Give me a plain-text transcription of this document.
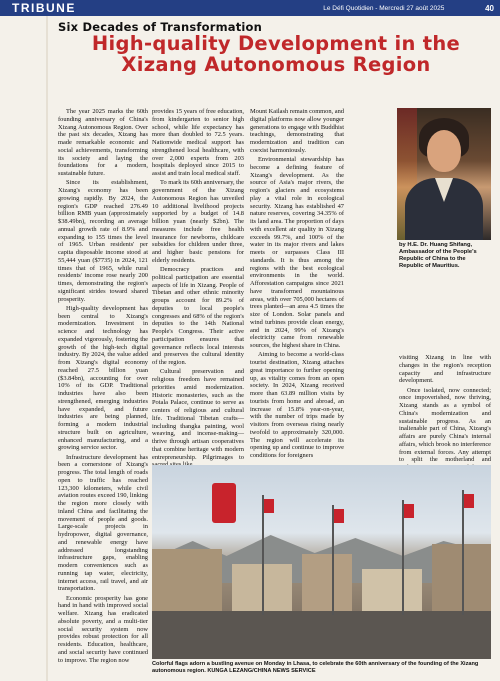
TRIBUNE	Le Défi Quotidien - Mercredi 27 août 2025	40
Six Decades of Transformation
High-quality Development in the Xizang Autonomous Region

The year 2025 marks the 60th founding anniversary of China's Xizang Autonomous Region. Over the past six decades, Xizang has made remarkable economic and social achievements, transforming its society and laying the foundations for a modern, sustainable future.

Since its establishment, Xizang's economy has been growing rapidly. By 2024, the region's GDP reached 276.49 billion RMB yuan (approximately $38.49bn), recording an average annual growth rate of 8.9% and expanding to 155 times the level of 1965. Urban residents' per capita disposable income stood at 55,444 yuan ($7735) in 2024, 121 times that of 1965, while rural residents' income rose nearly 200 times, demonstrating the region's significant strides toward shared prosperity.

High-quality development has been central to Xizang's modernization. Investment in science and technology has expanded vigorously, fostering the growth of the high-tech digital industry. By 2024, the value added from Xizang's digital economy reached 27.5 billion yuan ($3.84bn), accounting for over 10% of its GDP. Traditional industries have also been strengthened, emerging industries have expanded, and future industries are being planned, forming a modern industrial structure built on agriculture, enhanced manufacturing, and a growing service sector.

Infrastructure development has been a cornerstone of Xizang's progress. The total length of roads open to traffic has reached 123,300 kilometers, while civil aviation routes exceed 190, linking the region more closely with inland China and facilitating the movement of people and goods. Large-scale projects in hydropower, digital governance, and renewable energy have addressed longstanding infrastructure gaps, enabling modern conveniences such as running tap water, electricity, internet access, rail travel, and air transportation.

Economic prosperity has gone hand in hand with improved social welfare. Xizang has eradicated absolute poverty, and a multi-tier social security system now provides robust protection for all residents. Education, healthcare, and social security have continued to improve. The region now

provides 15 years of free education, from kindergarten to senior high school, while life expectancy has more than doubled to 72.5 years. Nationwide medical support has strengthened local healthcare, with over 2,000 experts from 203 hospitals deployed since 2015 to assist and train local medical staff.

To mark its 60th anniversary, the government of the Xizang Autonomous Region has unveiled 10 additional livelihood projects supported by a budget of 14.8 billion yuan (nearly $2bn). The measures include free health insurance for newborns, childcare subsidies for children under three, and higher basic pensions for elderly residents.

Democracy practices and political participation are essential aspects of life in Xizang. People of Tibetan and other ethnic minority groups account for 89.2% of deputies to local people's congresses and 68% of the region's deputies to the 14th National People's Congress. Their active participation ensures that governance reflects local interests and preserves the cultural identity of the region.

Cultural preservation and religious freedom have remained priorities amid modernization. Historic monasteries, such as the Potala Palace, continue to serve as centers of religious and cultural life. Traditional Tibetan crafts—including thangka painting, wool weaving, and incense-making—thrive through artisan cooperatives that combine heritage with modern entrepreneurship. Pilgrimages to

Mount Kailash remain common, and digital platforms now allow younger generations to engage with Buddhist teachings, demonstrating that modernization and tradition can coexist harmoniously.

Environmental stewardship has become a defining feature of Xizang's development. As the source of Asia's major rivers, the region's glaciers and ecosystems play a vital role in ecological security. Xizang has established 47 nature reserves, covering 34.35% of its land area. The proportion of days with excellent air quality in Xizang exceeds 99.7%, and 100% of the water in its major rivers and lakes meets or surpasses Class III standards. It is thus among the regions with the best ecological environments in the world. Afforestation campaigns since 2021 have transformed mountainous areas, with over 705,000 hectares of trees planted—an area 4.5 times the size of London. Solar panels and wind turbines provide clean energy, and in 2024, 99% of Xizang's electricity came from renewable sources, the highest share in China.

Aiming to become a world-class tourist destination, Xizang attaches great importance to further opening up, as vitality comes from an open society. In 2024, Xizang received more than 63.89 million visits by tourists from home and abroad, an increase of 15.8% year-on-year, with the number of trips made by visitors from overseas rising nearly twofold to approximately 320,000. The region will accelerate its opening up and continue to improve conditions for foreigners

by H.E. Dr. Huang Shifang, Ambassador of the People's Republic of China to the Republic of Mauritius.

visiting Xizang in line with changes in the region's reception capacity and infrastructure development.

Once isolated, now connected; once impoverished, now thriving, Xizang stands as a symbol of China's modernization and sustainable progress. As an inalienable part of China, Xizang's affairs are purely China's internal affairs, which brook no interference from external forces. Any attempt to split the motherland and

Colorful flags adorn a bustling avenue on Monday in Lhasa, to celebrate the 60th anniversary of the founding of the Xizang autonomous region. KUNGA LEZANG/CHINA NEWS SERVICE
